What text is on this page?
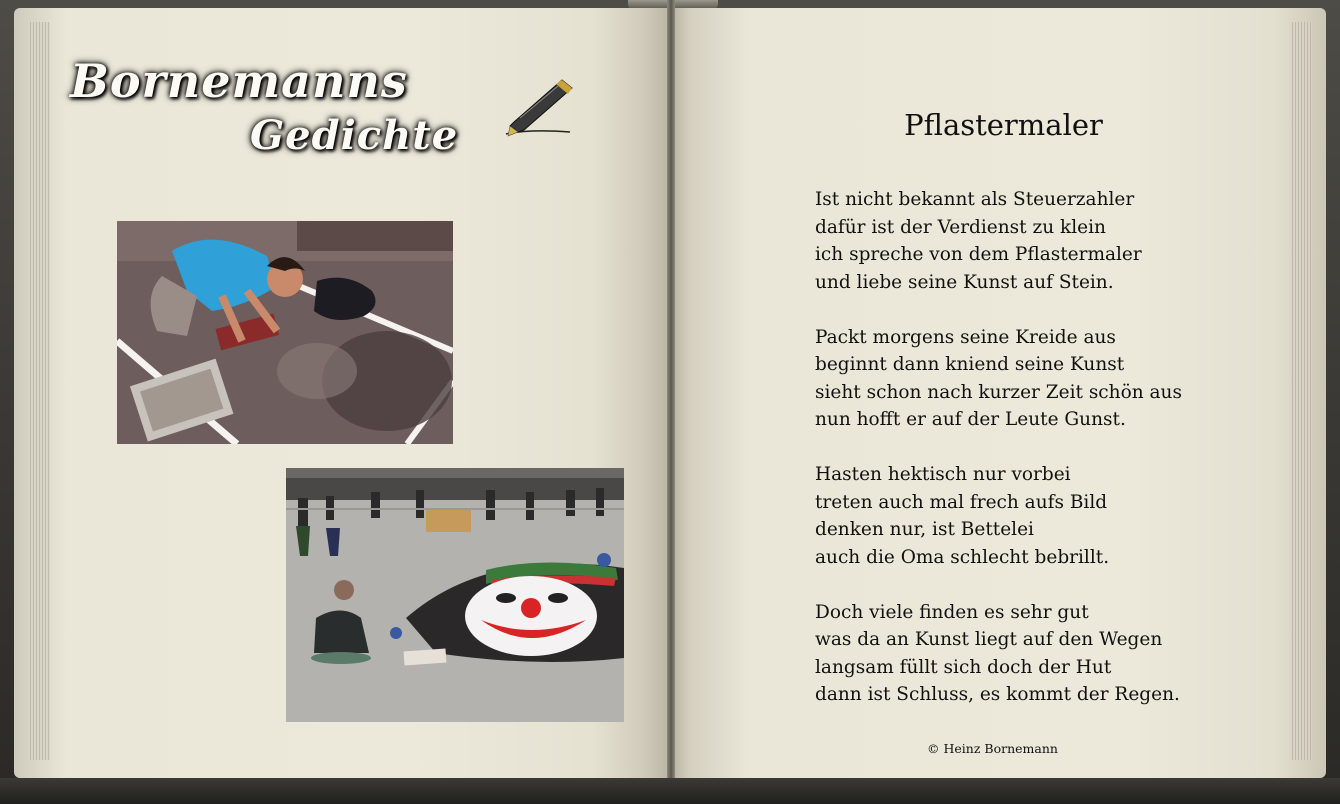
Bornemanns
Gedichte	Pflastermaler
Ist nicht bekannt als Steuerzahler
dafür ist der Verdienst zu klein
ich spreche von dem Pflastermaler
und liebe seine Kunst auf Stein.
Packt morgens seine Kreide aus
beginnt dann kniend seine Kunst
sieht schon nach kurzer Zeit schön aus
nun hofft er auf der Leute Gunst.
Hasten hektisch nur vorbei
treten auch mal frech aufs Bild
denken nur, ist Bettelei
auch die Oma schlecht bebrillt.
Doch viele finden es sehr gut
was da an Kunst liegt auf den Wegen
langsam füllt sich doch der Hut
dann ist Schluss, es kommt der Regen.
© Heinz Bornemann
